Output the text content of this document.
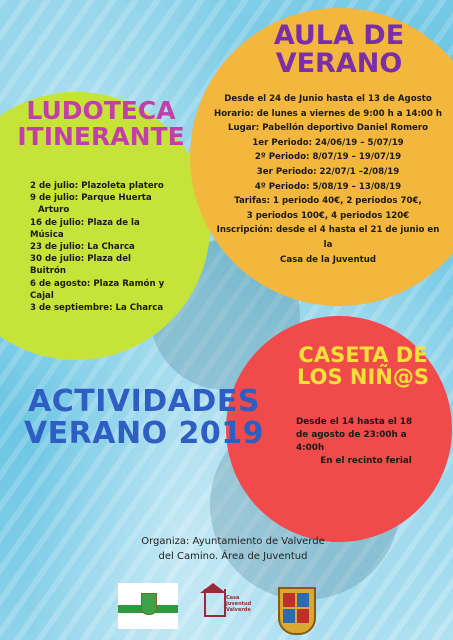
AULA DE
VERANO
Desde el 24 de Junio hasta el 13 de Agosto
Horario: de lunes a viernes de 9:00 h a 14:00 h
Lugar: Pabellón deportivo Daniel Romero
1er Periodo: 24/06/19 – 5/07/19
2º Periodo: 8/07/19 – 19/07/19
3er Periodo: 22/07/1 –2/08/19
4º Periodo: 5/08/19 – 13/08/19
Tarifas: 1 periodo 40€, 2 periodos 70€,
3 periodos 100€, 4 periodos 120€
Inscripción: desde el 4 hasta el 21 de junio en la
Casa de la Juventud
LUDOTECA
ITINERANTE
2 de julio: Plazoleta platero
9 de julio: Parque Huerta
Arturo
16 de julio: Plaza de la
Música
23 de julio: La Charca
30 de julio: Plaza del
Buitrón
6 de agosto: Plaza Ramón y
Cajal
3 de septiembre: La Charca
CASETA DE
LOS NIÑ@S
Desde el 14 hasta el 18
de agosto de 23:00h a
4:00h
En el recinto ferial
ACTIVIDADES
VERANO 2019
Organiza: Ayuntamiento de Valverde
del Camino. Área de Juventud
Casa
Juventud
Valverde
